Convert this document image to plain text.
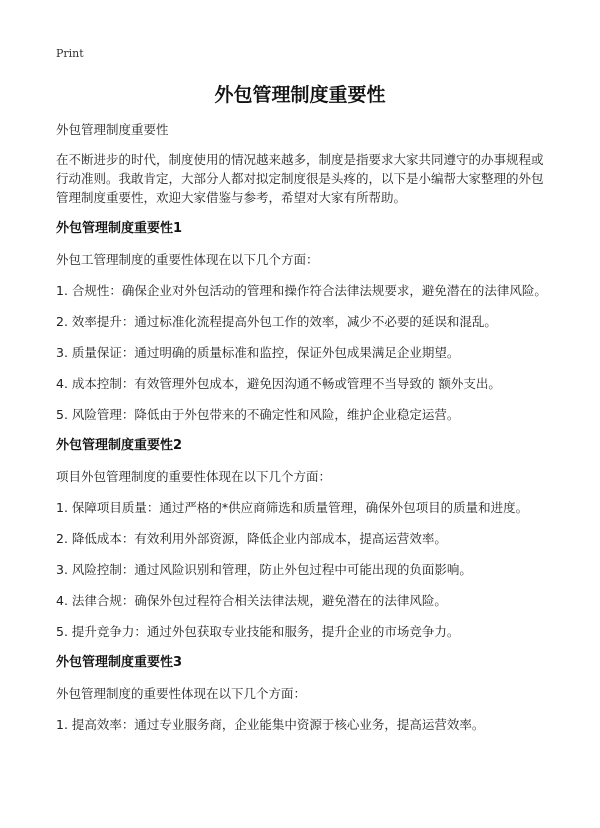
Print
外包管理制度重要性

外包管理制度重要性

在不断进步的时代，制度使用的情况越来越多，制度是指要求大家共同遵守的办事规程或行动准则。我敢肯定，大部分人都对拟定制度很是头疼的，以下是小编帮大家整理的外包管理制度重要性，欢迎大家借鉴与参考，希望对大家有所帮助。

外包管理制度重要性1

外包工管理制度的重要性体现在以下几个方面：

1. 合规性：确保企业对外包活动的管理和操作符合法律法规要求，避免潜在的法律风险。

2. 效率提升：通过标准化流程提高外包工作的效率，减少不必要的延误和混乱。

3. 质量保证：通过明确的质量标准和监控，保证外包成果满足企业期望。

4. 成本控制：有效管理外包成本，避免因沟通不畅或管理不当导致的 额外支出。

5. 风险管理：降低由于外包带来的不确定性和风险，维护企业稳定运营。

外包管理制度重要性2

项目外包管理制度的重要性体现在以下几个方面：

1. 保障项目质量：通过严格的*供应商筛选和质量管理，确保外包项目的质量和进度。

2. 降低成本：有效利用外部资源，降低企业内部成本，提高运营效率。

3. 风险控制：通过风险识别和管理，防止外包过程中可能出现的负面影响。

4. 法律合规：确保外包过程符合相关法律法规，避免潜在的法律风险。

5. 提升竞争力：通过外包获取专业技能和服务，提升企业的市场竞争力。

外包管理制度重要性3

外包管理制度的重要性体现在以下几个方面：

1. 提高效率：通过专业服务商，企业能集中资源于核心业务，提高运营效率。
